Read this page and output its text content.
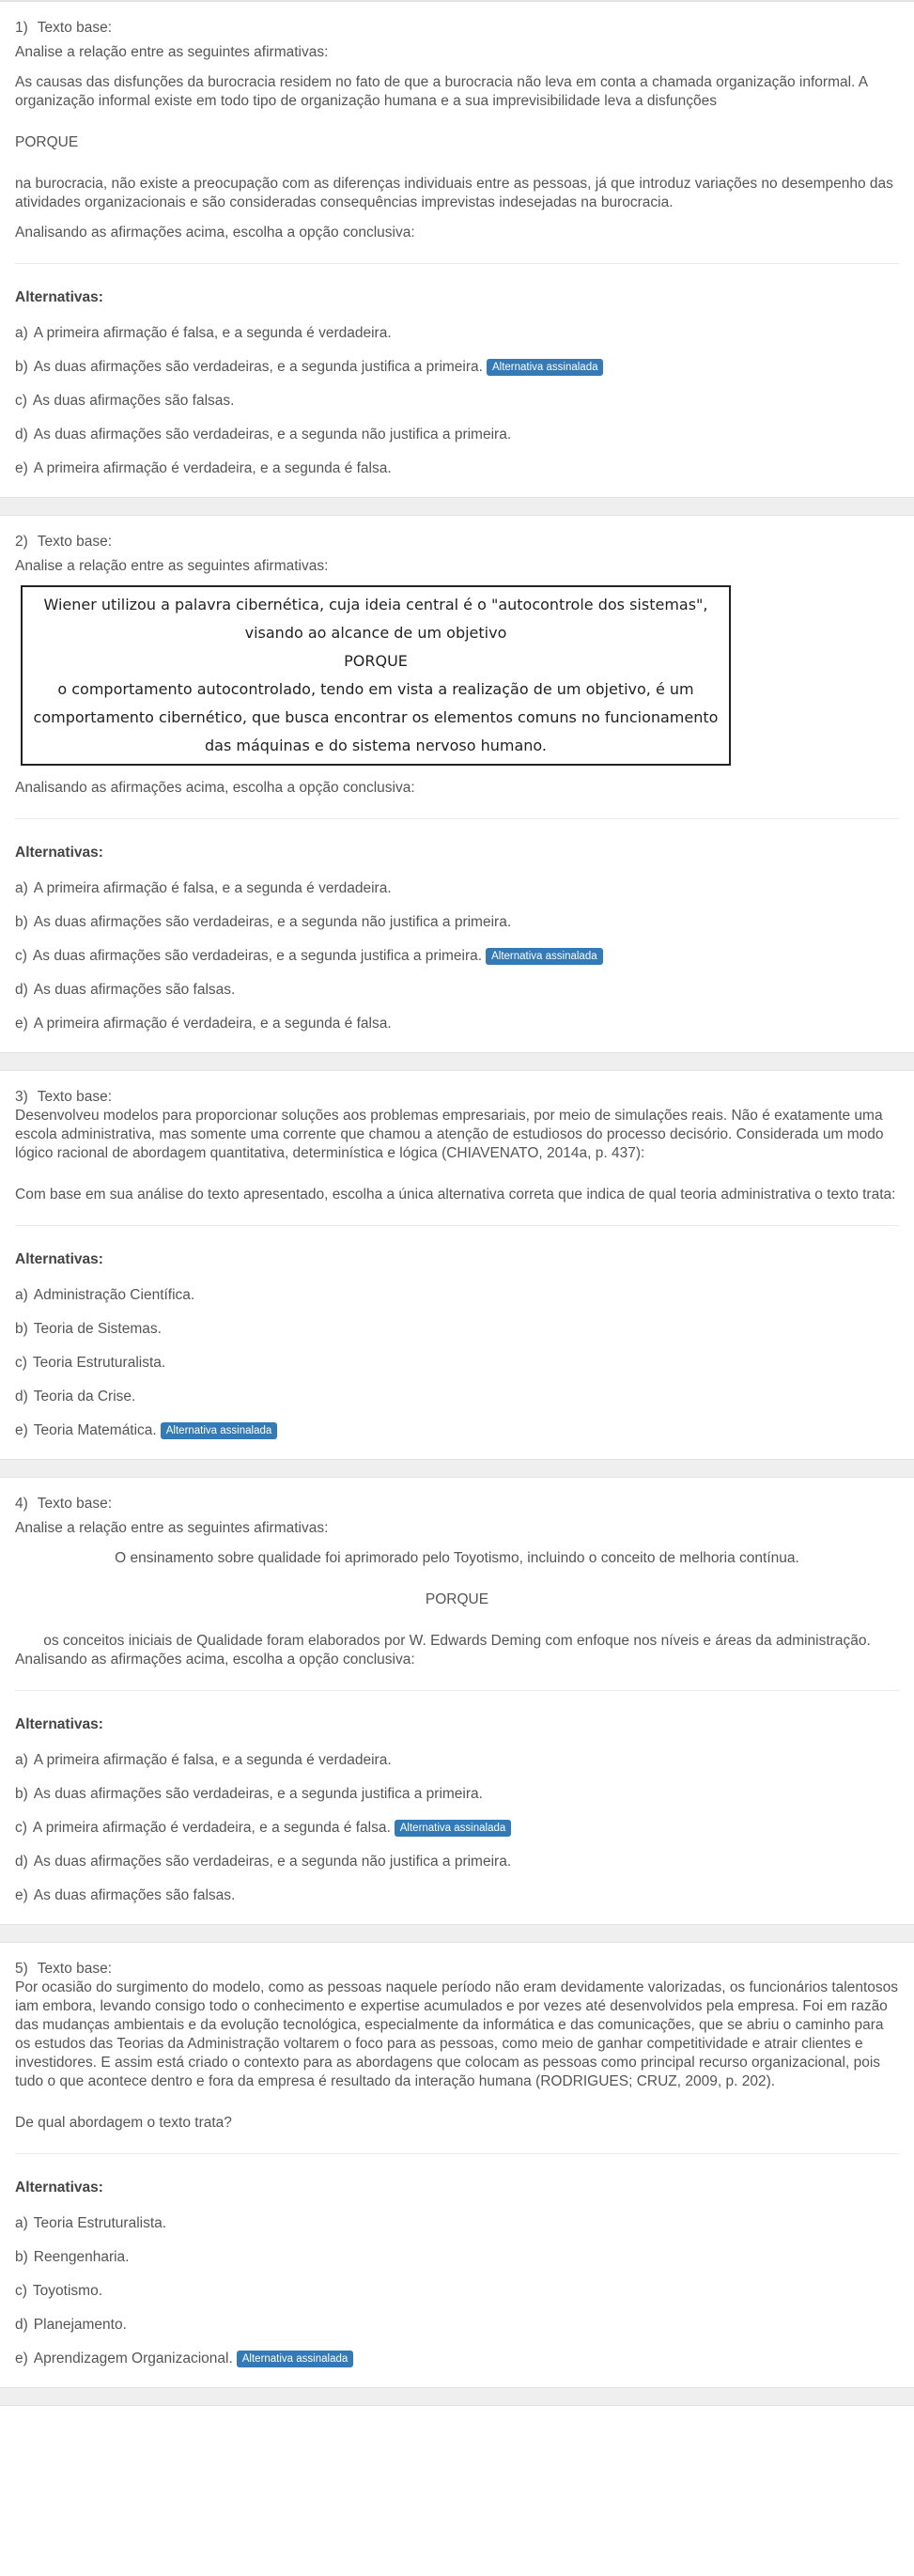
1) Texto base:

Analise a relação entre as seguintes afirmativas:

As causas das disfunções da burocracia residem no fato de que a burocracia não leva em conta a chamada organização informal. A organização informal existe em todo tipo de organização humana e a sua imprevisibilidade leva a disfunções

PORQUE

na burocracia, não existe a preocupação com as diferenças individuais entre as pessoas, já que introduz variações no desempenho das atividades organizacionais e são consideradas consequências imprevistas indesejadas na burocracia.

Analisando as afirmações acima, escolha a opção conclusiva:

Alternativas:
a) A primeira afirmação é falsa, e a segunda é verdadeira.
b) As duas afirmações são verdadeiras, e a segunda justifica a primeira. Alternativa assinalada
c) As duas afirmações são falsas.
d) As duas afirmações são verdadeiras, e a segunda não justifica a primeira.
e) A primeira afirmação é verdadeira, e a segunda é falsa.
2) Texto base:

Analise a relação entre as seguintes afirmativas:

Wiener utilizou a palavra cibernética, cuja ideia central é o "autocontrole dos sistemas",
visando ao alcance de um objetivo
PORQUE
o comportamento autocontrolado, tendo em vista a realização de um objetivo, é um
comportamento cibernético, que busca encontrar os elementos comuns no funcionamento
das máquinas e do sistema nervoso humano.

Analisando as afirmações acima, escolha a opção conclusiva:

Alternativas:
a) A primeira afirmação é falsa, e a segunda é verdadeira.
b) As duas afirmações são verdadeiras, e a segunda não justifica a primeira.
c) As duas afirmações são verdadeiras, e a segunda justifica a primeira. Alternativa assinalada
d) As duas afirmações são falsas.
e) A primeira afirmação é verdadeira, e a segunda é falsa.
3) Texto base:

Desenvolveu modelos para proporcionar soluções aos problemas empresariais, por meio de simulações reais. Não é exatamente uma escola administrativa, mas somente uma corrente que chamou a atenção de estudiosos do processo decisório. Considerada um modo lógico racional de abordagem quantitativa, determinística e lógica (CHIAVENATO, 2014a, p. 437):

Com base em sua análise do texto apresentado, escolha a única alternativa correta que indica de qual teoria administrativa o texto trata:

Alternativas:
a) Administração Científica.
b) Teoria de Sistemas.
c) Teoria Estruturalista.
d) Teoria da Crise.
e) Teoria Matemática. Alternativa assinalada
4) Texto base:

Analise a relação entre as seguintes afirmativas:

O ensinamento sobre qualidade foi aprimorado pelo Toyotismo, incluindo o conceito de melhoria contínua.

PORQUE

os conceitos iniciais de Qualidade foram elaborados por W. Edwards Deming com enfoque nos níveis e áreas da administração.

Analisando as afirmações acima, escolha a opção conclusiva:

Alternativas:
a) A primeira afirmação é falsa, e a segunda é verdadeira.
b) As duas afirmações são verdadeiras, e a segunda justifica a primeira.
c) A primeira afirmação é verdadeira, e a segunda é falsa. Alternativa assinalada
d) As duas afirmações são verdadeiras, e a segunda não justifica a primeira.
e) As duas afirmações são falsas.
5) Texto base:

Por ocasião do surgimento do modelo, como as pessoas naquele período não eram devidamente valorizadas, os funcionários talentosos iam embora, levando consigo todo o conhecimento e expertise acumulados e por vezes até desenvolvidos pela empresa. Foi em razão das mudanças ambientais e da evolução tecnológica, especialmente da informática e das comunicações, que se abriu o caminho para os estudos das Teorias da Administração voltarem o foco para as pessoas, como meio de ganhar competitividade e atrair clientes e investidores. E assim está criado o contexto para as abordagens que colocam as pessoas como principal recurso organizacional, pois tudo o que acontece dentro e fora da empresa é resultado da interação humana (RODRIGUES; CRUZ, 2009, p. 202).

De qual abordagem o texto trata?

Alternativas:
a) Teoria Estruturalista.
b) Reengenharia.
c) Toyotismo.
d) Planejamento.
e) Aprendizagem Organizacional. Alternativa assinalada
